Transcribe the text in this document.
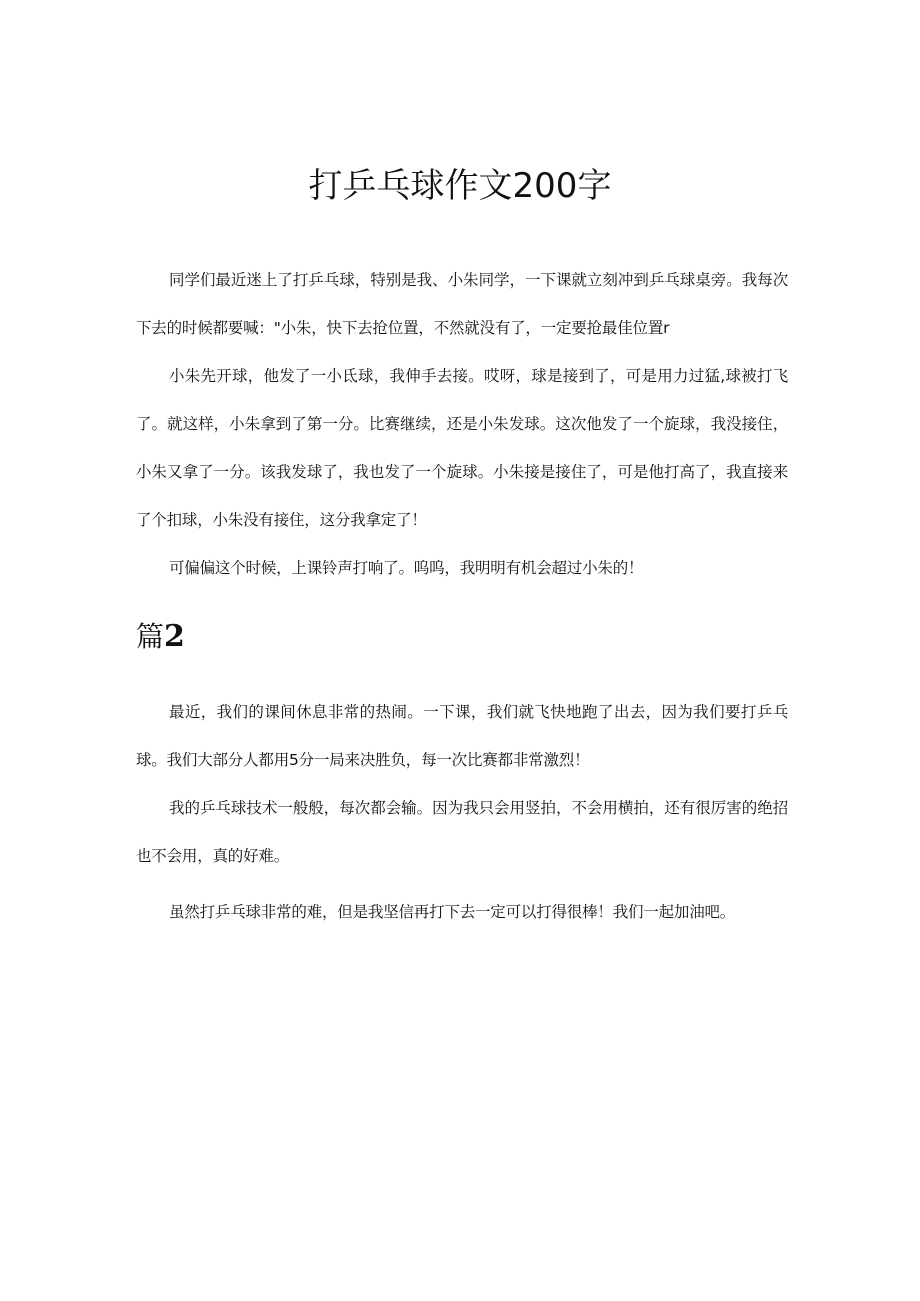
打乒乓球作文200字

同学们最近迷上了打乒乓球，特别是我、小朱同学，一下课就立刻冲到乒乓球桌旁。我每次下去的时候都要喊："小朱，快下去抢位置，不然就没有了，一定要抢最佳位置r

小朱先开球，他发了一小氐球，我伸手去接。哎呀，球是接到了，可是用力过猛,球被打飞了。就这样，小朱拿到了第一分。比赛继续，还是小朱发球。这次他发了一个旋球，我没接住，小朱又拿了一分。该我发球了，我也发了一个旋球。小朱接是接住了，可是他打高了，我直接来了个扣球，小朱没有接住，这分我拿定了！

可偏偏这个时候，上课铃声打响了。呜呜，我明明有机会超过小朱的！

篇2

最近，我们的课间休息非常的热闹。一下课，我们就飞快地跑了出去，因为我们要打乒乓球。我们大部分人都用5分一局来决胜负，每一次比赛都非常激烈！

我的乒乓球技术一般般，每次都会输。因为我只会用竖拍，不会用横拍，还有很厉害的绝招也不会用，真的好难。

虽然打乒乓球非常的难，但是我坚信再打下去一定可以打得很棒！我们一起加油吧。
